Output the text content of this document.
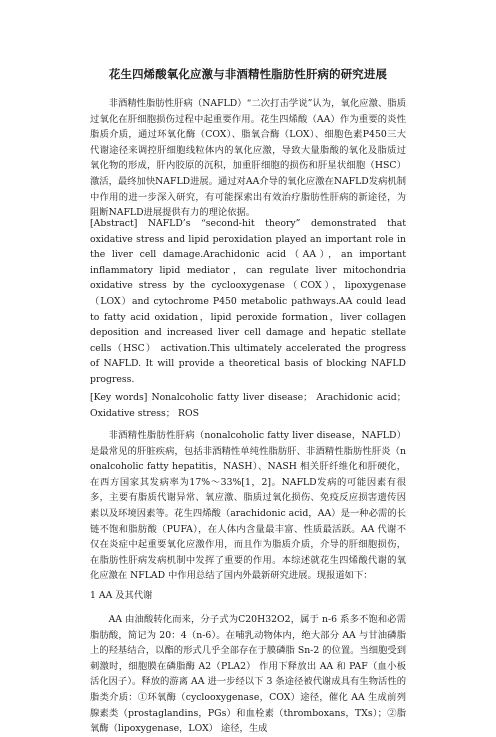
花生四烯酸氧化应激与非酒精性脂肪性肝病的研究进展

非酒精性脂肪性肝病（NAFLD）“二次打击学说”认为，氧化应激、脂质过氧化在肝细胞损伤过程中起重要作用。花生四烯酸（AA）作为重要的炎性脂质介质，通过环氧化酶（COX）、脂氧合酶（LOX）、细胞色素P450三大代谢途径来调控肝细胞线粒体内的氧化应激，导致大量脂酸的氧化及脂质过氧化物的形成，肝内胶原的沉积，加重肝细胞的损伤和肝星状细胞（HSC）激活，最终加快NAFLD进展。通过对AA介导的氧化应激在NAFLD发病机制中作用的进一步深入研究，有可能探索出有效治疗脂肪性肝病的新途径，为阻断NAFLD进展提供有力的理论依据。

[Abstract] NAFLD’s “second-hit theory” demonstrated that oxidative stress and lipid peroxidation played an important role in the liver cell damage.Arachidonic acid（AA），an important inflammatory lipid mediator，can regulate liver mitochondria oxidative stress by the cyclooxygenase（COX），lipoxygenase（LOX）and cytochrome P450 metabolic pathways.AA could lead to fatty acid oxidation，lipid peroxide formation，liver collagen deposition and increased liver cell damage and hepatic stellate cells（HSC） activation.This ultimately accelerated the progress of NAFLD. It will provide a theoretical basis of blocking NAFLD progress.

[Key words] Nonalcoholic fatty liver disease； Arachidonic acid； Oxidative stress； ROS

非酒精性脂肪性肝病（nonalcoholic fatty liver disease，NAFLD）是最常见的肝脏疾病，包括非酒精性单纯性脂肪肝、非酒精性脂肪性肝炎（nonalcoholic fatty hepatitis，NASH）、NASH 相关肝纤维化和肝硬化，在西方国家其发病率为17%～33%[1，2]。NAFLD发病的可能因素有很多，主要有脂质代谢异常、氧应激、脂质过氧化损伤、免疫反应损害遗传因素以及环境因素等。花生四烯酸（arachidonic acid，AA）是一种必需的长链不饱和脂肪酸（PUFA），在人体内含量最丰富、性质最活跃。AA 代谢不仅在炎症中起重要氧化应激作用，而且作为脂质介质，介导的肝细胞损伤，在脂肪性肝病发病机制中发挥了重要的作用。本综述就花生四烯酸代谢的氧化应激在 NFLAD 中作用总结了国内外最新研究进展。现报道如下：

1 AA 及其代谢

AA 由油酸转化而来，分子式为C20H32O2，属于 n-6 系多不饱和必需脂肪酸，简记为 20：4（n-6）。在哺乳动物体内，绝大部分 AA 与甘油磷脂上的羟基结合，以酯的形式几乎全部存在于膜磷脂 Sn-2 的位置。当细胞受到刺激时，细胞膜在磷脂酶 A2（PLA2） 作用下释放出 AA 和 PAF（血小板活化因子）。释放的游离 AA 进一步经以下 3 条途径被代谢成具有生物活性的脂类介质：①环氧酶（cyclooxygenase，COX）途径，催化 AA 生成前列腺素类（prostaglandins，PGs）和血栓素（thromboxans，TXs）；②脂氧酶（lipoxygenase，LOX） 途径，生成
